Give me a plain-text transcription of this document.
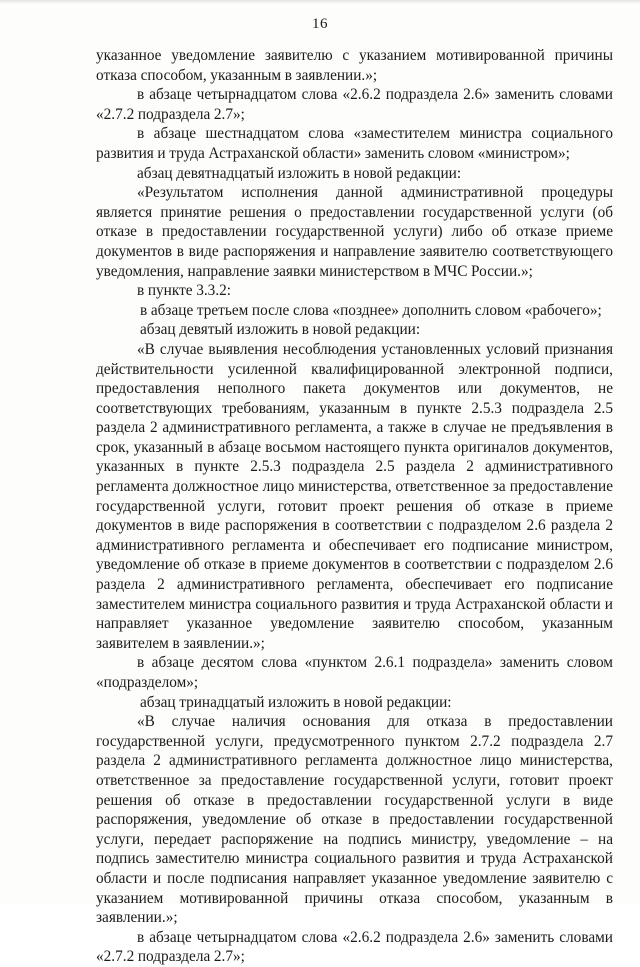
16

указанное уведомление заявителю с указанием мотивированной причины отказа способом, указанным в заявлении.»;

в абзаце четырнадцатом слова «2.6.2 подраздела 2.6» заменить словами «2.7.2 подраздела 2.7»;

в абзаце шестнадцатом слова «заместителем министра социального развития и труда Астраханской области» заменить словом «министром»;

абзац девятнадцатый изложить в новой редакции:

«Результатом исполнения данной административной процедуры является принятие решения о предоставлении государственной услуги (об отказе в предоставлении государственной услуги) либо об отказе приеме документов в виде распоряжения и направление заявителю соответствующего уведомления, направление заявки министерством в МЧС России.»;

в пункте 3.3.2:

в абзаце третьем после слова «позднее» дополнить словом «рабочего»;

абзац девятый изложить в новой редакции:

«В случае выявления несоблюдения установленных условий признания действительности усиленной квалифицированной электронной подписи, предоставления неполного пакета документов или документов, не соответствующих требованиям, указанным в пункте 2.5.3 подраздела 2.5 раздела 2 административного регламента, а также в случае не предъявления в срок, указанный в абзаце восьмом настоящего пункта оригиналов документов, указанных в пункте 2.5.3 подраздела 2.5 раздела 2 административного регламента должностное лицо министерства, ответственное за предоставление государственной услуги, готовит проект решения об отказе в приеме документов в виде распоряжения в соответствии с подразделом 2.6 раздела 2 административного регламента и обеспечивает его подписание министром, уведомление об отказе в приеме документов в соответствии с подразделом 2.6 раздела 2 административного регламента, обеспечивает его подписание заместителем министра социального развития и труда Астраханской области и направляет указанное уведомление заявителю способом, указанным заявителем в заявлении.»;

в абзаце десятом слова «пунктом 2.6.1 подраздела» заменить словом «подразделом»;

абзац тринадцатый изложить в новой редакции:

«В случае наличия основания для отказа в предоставлении государственной услуги, предусмотренного пунктом 2.7.2 подраздела 2.7 раздела 2 административного регламента должностное лицо министерства, ответственное за предоставление государственной услуги, готовит проект решения об отказе в предоставлении государственной услуги в виде распоряжения, уведомление об отказе в предоставлении государственной услуги, передает распоряжение на подпись министру, уведомление – на подпись заместителю министра социального развития и труда Астраханской области и после подписания направляет указанное уведомление заявителю с указанием мотивированной причины отказа способом, указанным в заявлении.»;

в абзаце четырнадцатом слова «2.6.2 подраздела 2.6» заменить словами «2.7.2 подраздела 2.7»;
